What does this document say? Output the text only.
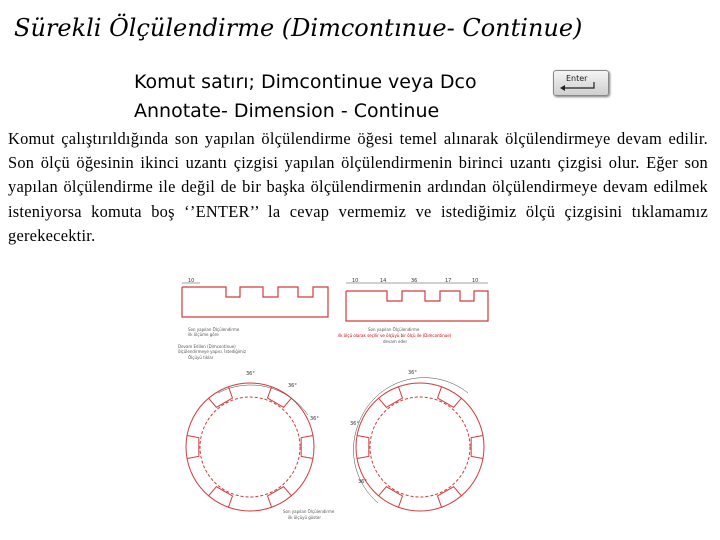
Sürekli Ölçülendirme (Dimcontınue- Continue)
Komut satırı; Dimcontinue veya Dco
Annotate- Dimension - Continue
Enter
Komut çalıştırıldığında son yapılan ölçülendirme öğesi temel alınarak ölçülendirmeye devam edilir. Son ölçü öğesinin ikinci uzantı çizgisi yapılan ölçülendirmenin birinci uzantı çizgisi olur. Eğer son yapılan ölçülendirme ile değil de bir başka ölçülendirmenin ardından ölçülendirmeye devam edilmek isteniyorsa komuta boş ‘’ENTER’’ la cevap vermemiz ve istediğimiz ölçü çizgisini tıklamamız gerekecektir.
10	10	14	36	17	10
Son yapılan Ölçülendirme
ilk ölçüme göre
Devam Edilen (Dimcontinue)
ölçülendirmeye yapısı. İstediğimiz
Ölçüyü tıklar
Son yapılan Ölçülendirme
ilk ölçü olarak seçilir ve ölçüyü bir ölçü ile (Dimcontinue)
devam eder
Son yapılan Ölçülendirme
ilk ölçüyü göster
36°
36°
36°
36°
36°
36°
